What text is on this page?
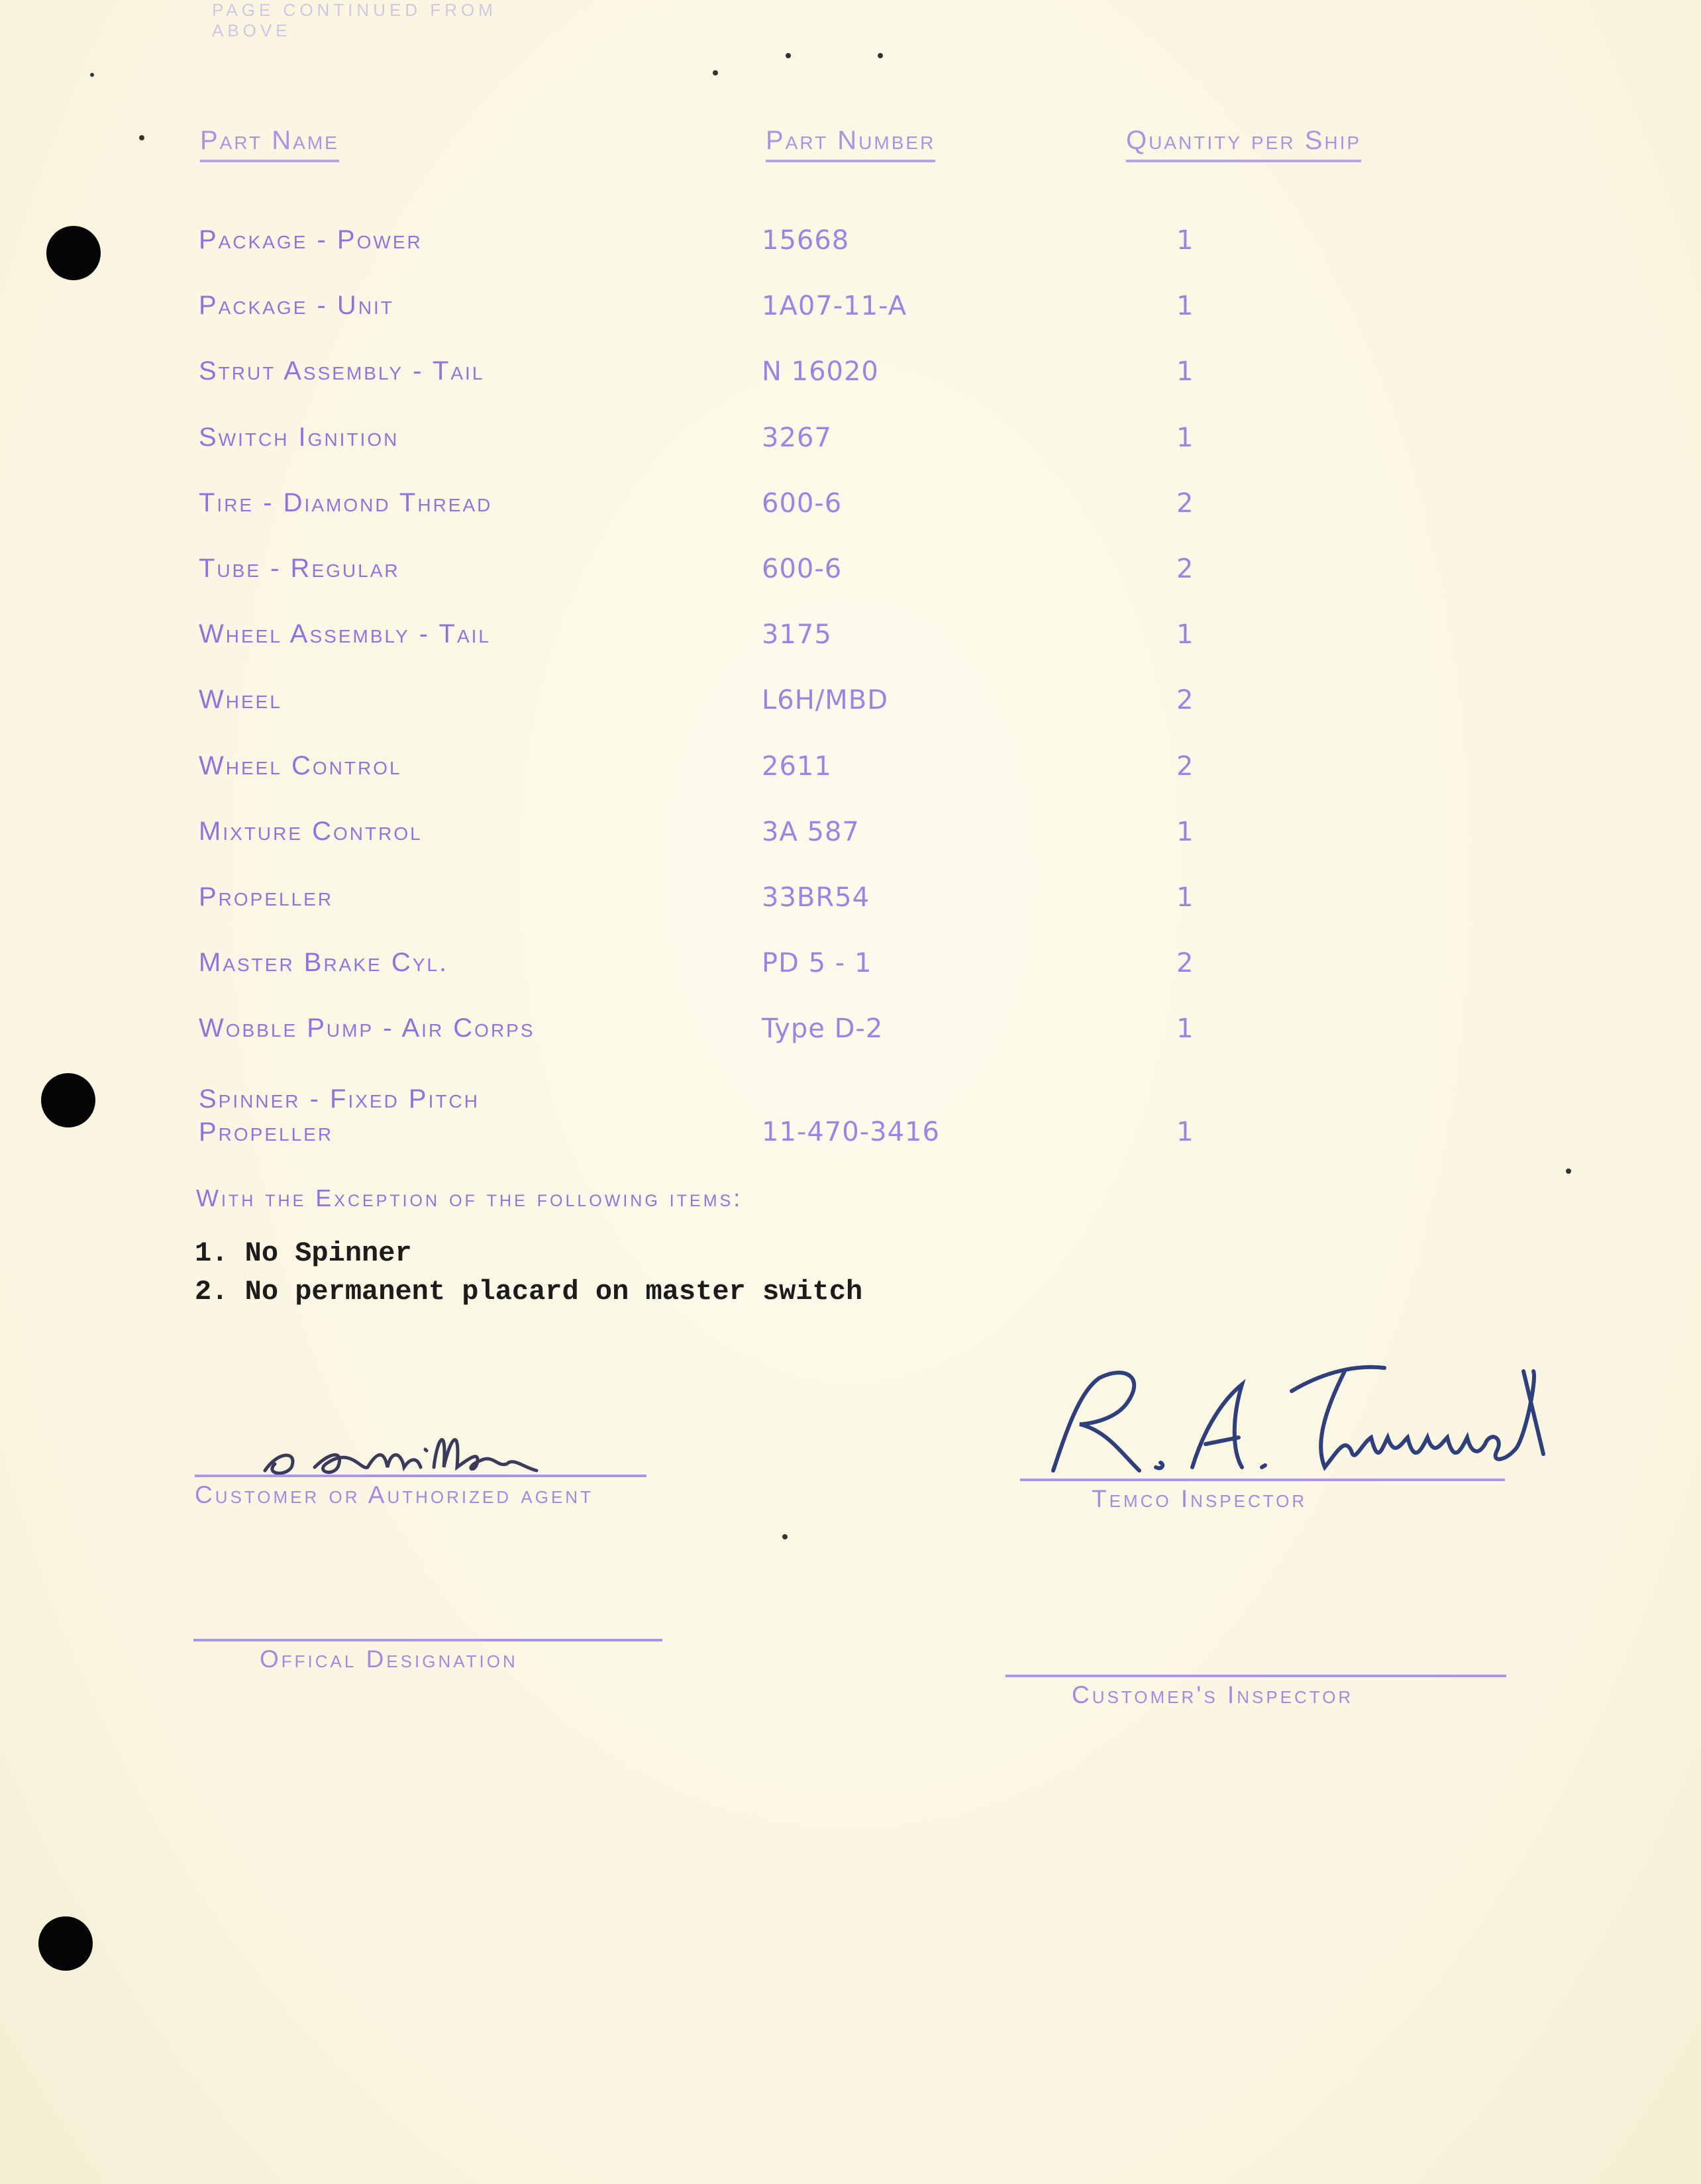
PAGE CONTINUED FROM ABOVE
Part Name	Part Number	Quantity per Ship
Package - Power	15668	1
Package - Unit	1A07-11-A	1
Strut Assembly - Tail	N 16020	1
Switch Ignition	3267	1
Tire - Diamond Thread	600-6	2
Tube - Regular	600-6	2
Wheel Assembly - Tail	3175	1
Wheel	L6H/MBD	2
Wheel Control	2611	2
Mixture Control	3A 587	1
Propeller	33BR54	1
Master Brake Cyl.	PD 5 - 1	2
Wobble Pump - Air Corps	Type D-2	1
Spinner - Fixed Pitch
Propeller	11-470-3416	1
With the Exception of the following items:
1. No Spinner
2. No permanent placard on master switch
Customer or Authorized agent	Temco Inspector
Offical Designation
Customer's Inspector
